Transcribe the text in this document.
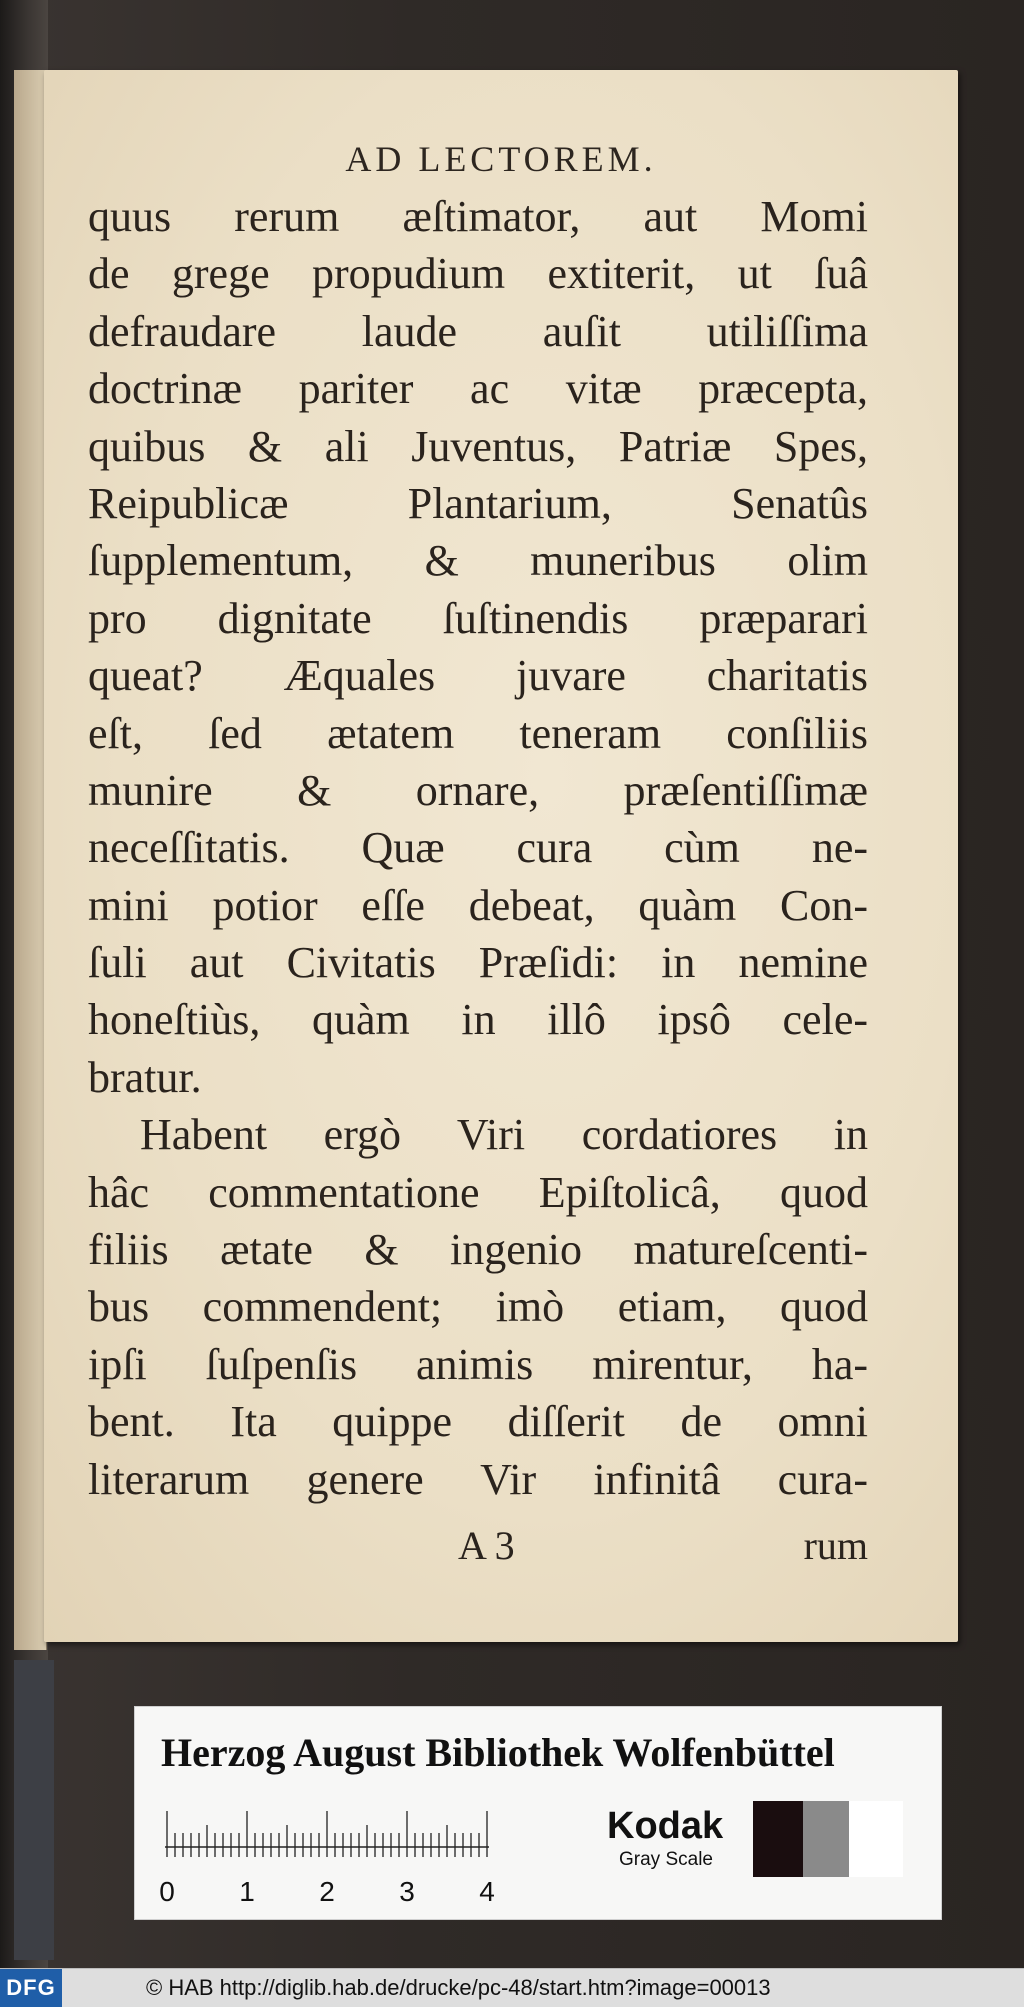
AD LECTOREM.
quus rerum æſtimator, aut Momi
de grege propudium extiterit, ut ſuâ
defraudare laude auſit utiliſſima
doctrinæ pariter ac vitæ præcepta,
quibus & ali Juventus, Patriæ Spes,
Reipublicæ Plantarium, Senatûs
ſupplementum, & muneribus olim
pro dignitate ſuſtinendis præparari
queat? Æquales juvare charitatis
eſt, ſed ætatem teneram conſiliis
munire & ornare, præſentiſſimæ
neceſſitatis. Quæ cura cùm ne-
mini potior eſſe debeat, quàm Con-
ſuli aut Civitatis Præſidi: in nemine
honeſtiùs, quàm in illô ipsô cele-
bratur.
Habent ergò Viri cordatiores in
hâc commentatione Epiſtolicâ, quod
filiis ætate & ingenio matureſcenti-
bus commendent; imò etiam, quod
ipſi ſuſpenſis animis mirentur, ha-
bent. Ita quippe diſſerit de omni
literarum genere Vir infinitâ cura-
A 3	rum
Herzog August Bibliothek Wolfenbüttel
0 1 2 3 4
Kodak
Gray Scale
DFG	© HAB http://diglib.hab.de/drucke/pc-48/start.htm?image=00013
